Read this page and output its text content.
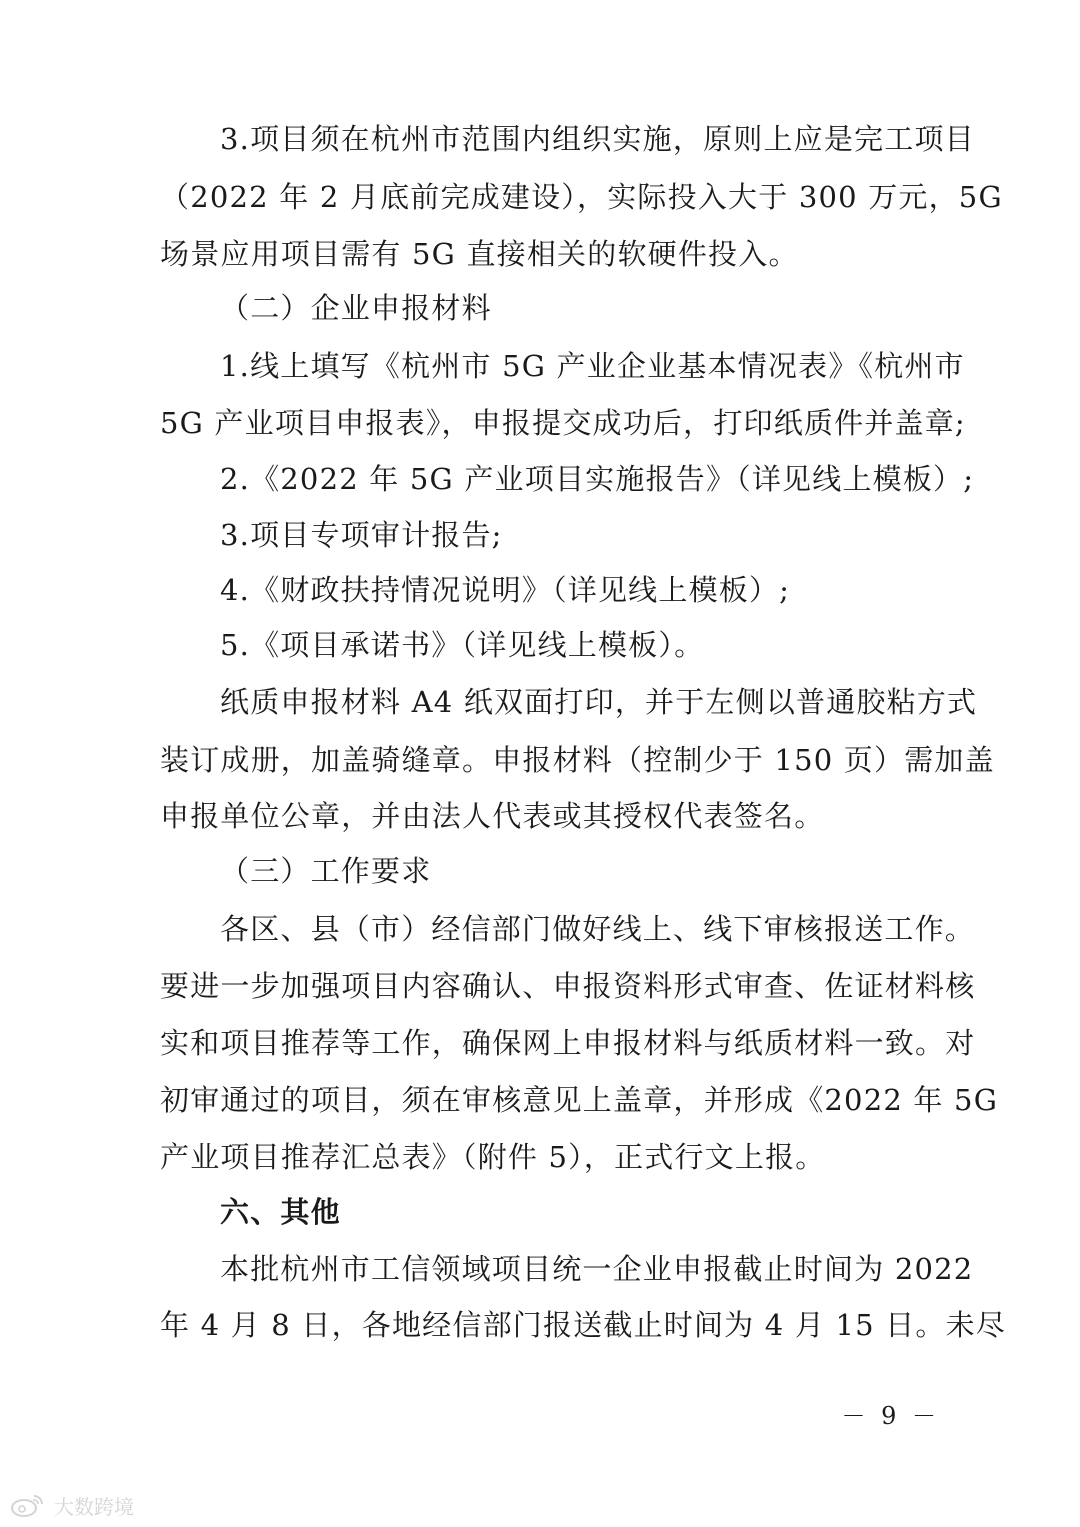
3.项目须在杭州市范围内组织实施，原则上应是完工项目
（2022 年 2 月底前完成建设），实际投入大于 300 万元，5G
场景应用项目需有 5G 直接相关的软硬件投入。
（二）企业申报材料
1.线上填写《杭州市 5G 产业企业基本情况表》《杭州市
5G 产业项目申报表》，申报提交成功后，打印纸质件并盖章;
2.《2022 年 5G 产业项目实施报告》（详见线上模板）;
3.项目专项审计报告;
4.《财政扶持情况说明》（详见线上模板）;
5.《项目承诺书》（详见线上模板）。
纸质申报材料 A4 纸双面打印，并于左侧以普通胶粘方式
装订成册，加盖骑缝章。申报材料（控制少于 150 页）需加盖
申报单位公章，并由法人代表或其授权代表签名。
（三）工作要求
各区、县（市）经信部门做好线上、线下审核报送工作。
要进一步加强项目内容确认、申报资料形式审查、佐证材料核
实和项目推荐等工作，确保网上申报材料与纸质材料一致。对
初审通过的项目，须在审核意见上盖章，并形成《2022 年 5G
产业项目推荐汇总表》（附件 5），正式行文上报。
六、其他
本批杭州市工信领域项目统一企业申报截止时间为 2022
年 4 月 8 日，各地经信部门报送截止时间为 4 月 15 日。未尽
－ 9 －
大数跨境
